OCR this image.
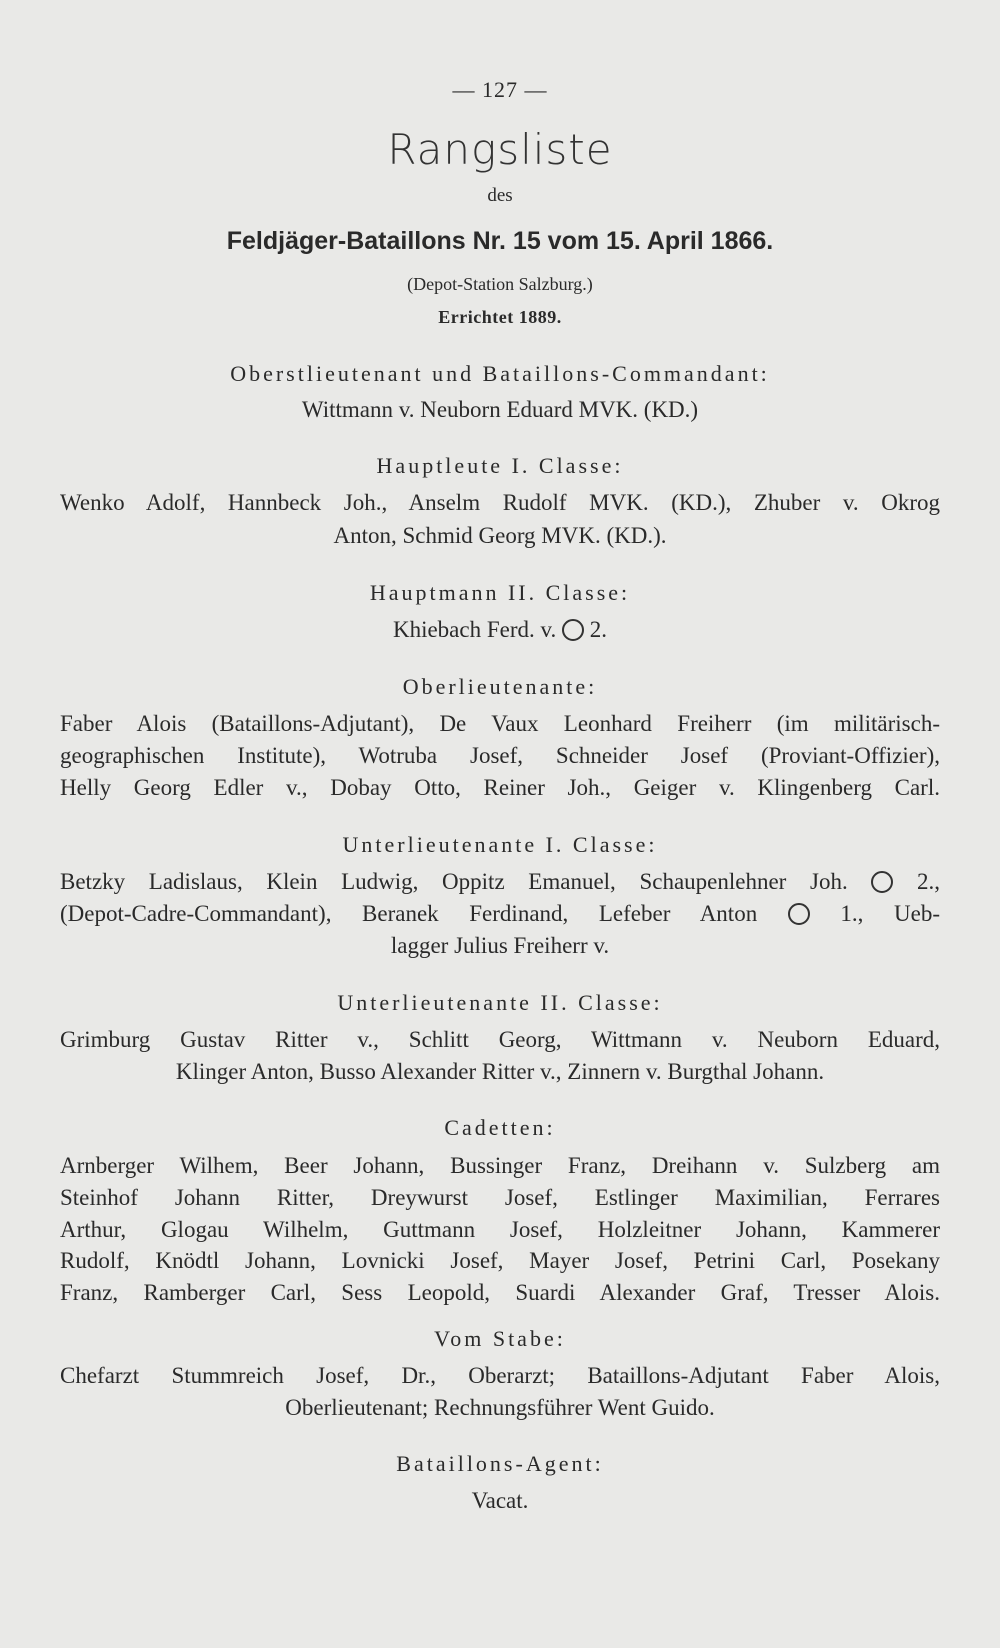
— 127 —
Rangsliste
des
Feldjäger-Bataillons Nr. 15 vom 15. April 1866.
(Depot-Station Salzburg.)
Errichtet 1889.
Oberstlieutenant und Bataillons-Commandant:
Wittmann v. Neuborn Eduard MVK. (KD.)
Hauptleute I. Classe:
Wenko Adolf, Hannbeck Joh., Anselm Rudolf MVK. (KD.), Zhuber v. Okrog
Anton, Schmid Georg MVK. (KD.).
Hauptmann II. Classe:
Khiebach Ferd. v. 2.
Oberlieutenante:
Faber Alois (Bataillons-Adjutant), De Vaux Leonhard Freiherr (im militärisch-
geographischen Institute), Wotruba Josef, Schneider Josef (Proviant-Offizier),
Helly Georg Edler v., Dobay Otto, Reiner Joh., Geiger v. Klingenberg Carl.
Unterlieutenante I. Classe:
Betzky Ladislaus, Klein Ludwig, Oppitz Emanuel, Schaupenlehner Joh.	2.,
(Depot-Cadre-Commandant), Beranek Ferdinand, Lefeber Anton	1., Ueb-
lagger Julius Freiherr v.
Unterlieutenante II. Classe:
Grimburg Gustav Ritter v., Schlitt Georg, Wittmann v. Neuborn Eduard,
Klinger Anton, Busso Alexander Ritter v., Zinnern v. Burgthal Johann.
Cadetten:
Arnberger Wilhem, Beer Johann, Bussinger Franz, Dreihann v. Sulzberg am
Steinhof Johann Ritter, Dreywurst Josef, Estlinger Maximilian, Ferrares
Arthur, Glogau Wilhelm, Guttmann Josef, Holzleitner Johann, Kammerer
Rudolf, Knödtl Johann, Lovnicki Josef, Mayer Josef, Petrini Carl, Posekany
Franz, Ramberger Carl, Sess Leopold, Suardi Alexander Graf, Tresser Alois.
Vom Stabe:
Chefarzt Stummreich Josef, Dr., Oberarzt; Bataillons-Adjutant Faber Alois,
Oberlieutenant; Rechnungsführer Went Guido.
Bataillons-Agent:
Vacat.
